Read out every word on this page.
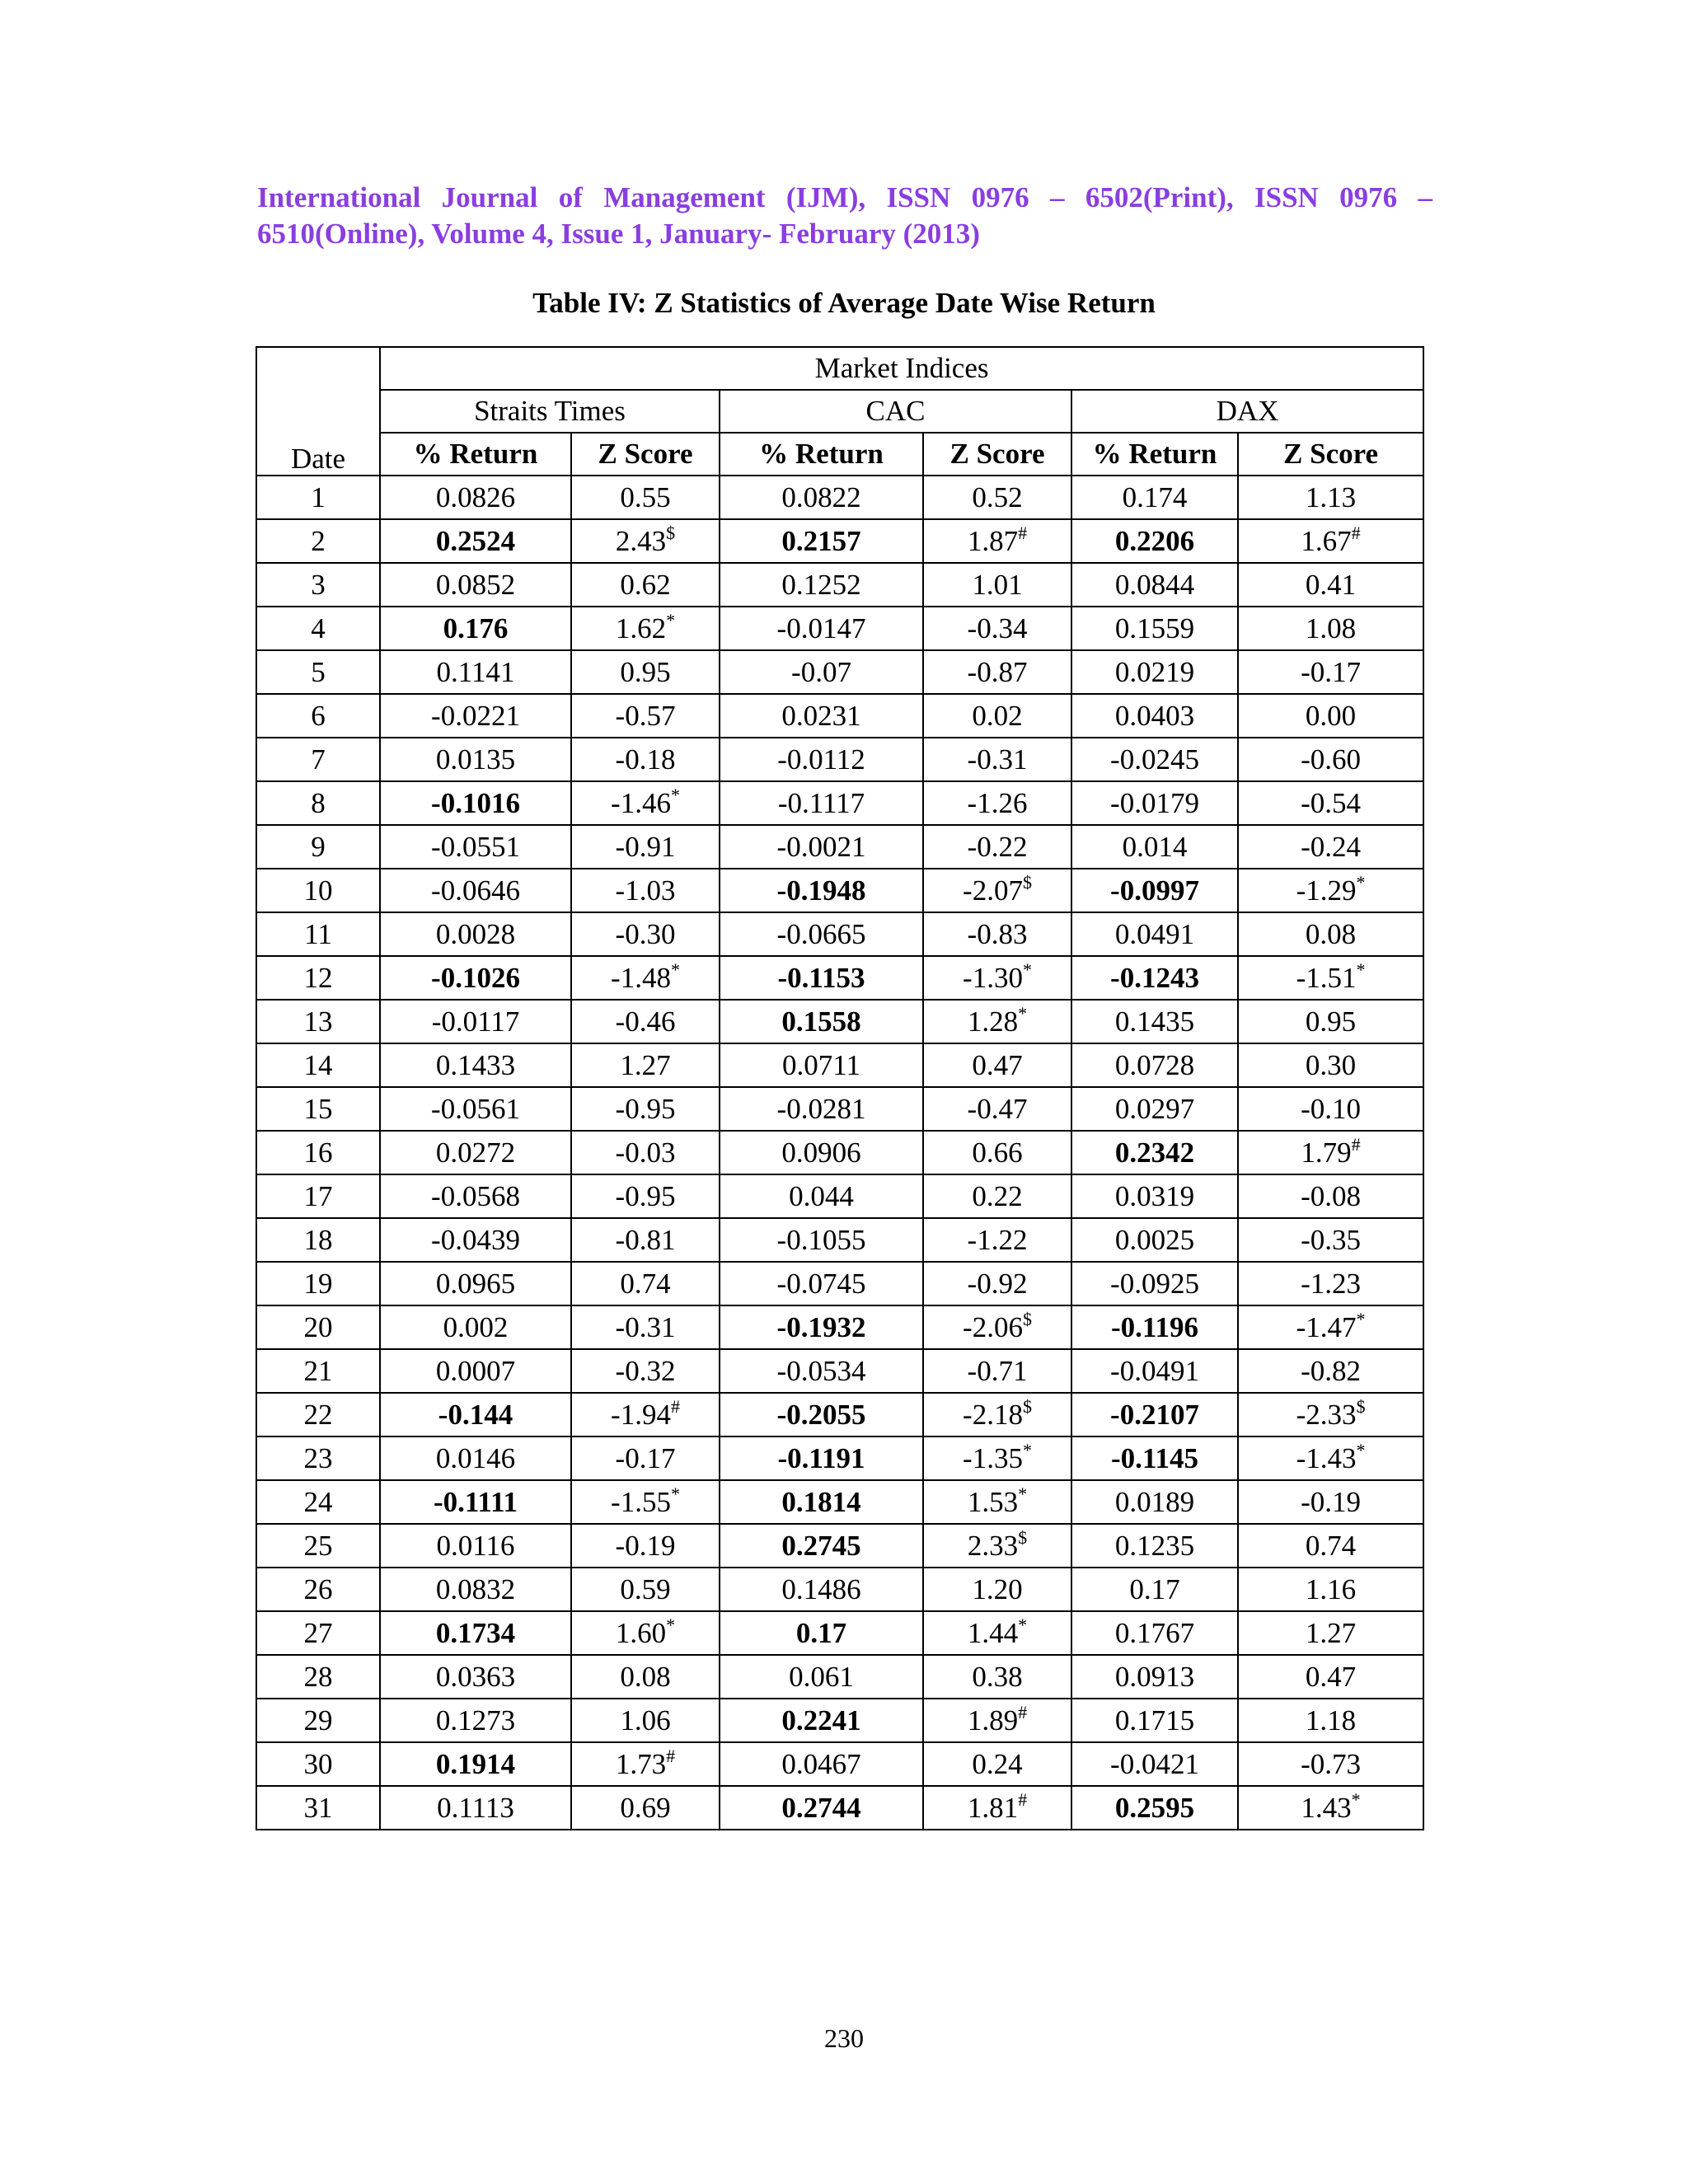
International Journal of Management (IJM), ISSN 0976 – 6502(Print), ISSN 0976 –
6510(Online), Volume 4, Issue 1, January- February (2013)
Table IV: Z Statistics of Average Date Wise Return
Date	Market Indices					
	Straits Times		CAC		DAX	
	% Return	Z Score	% Return	Z Score	% Return	Z Score
1	0.0826	0.55	0.0822	0.52	0.174	1.13
2	0.2524	2.43$	0.2157	1.87#	0.2206	1.67#
3	0.0852	0.62	0.1252	1.01	0.0844	0.41
4	0.176	1.62*	-0.0147	-0.34	0.1559	1.08
5	0.1141	0.95	-0.07	-0.87	0.0219	-0.17
6	-0.0221	-0.57	0.0231	0.02	0.0403	0.00
7	0.0135	-0.18	-0.0112	-0.31	-0.0245	-0.60
8	-0.1016	-1.46*	-0.1117	-1.26	-0.0179	-0.54
9	-0.0551	-0.91	-0.0021	-0.22	0.014	-0.24
10	-0.0646	-1.03	-0.1948	-2.07$	-0.0997	-1.29*
11	0.0028	-0.30	-0.0665	-0.83	0.0491	0.08
12	-0.1026	-1.48*	-0.1153	-1.30*	-0.1243	-1.51*
13	-0.0117	-0.46	0.1558	1.28*	0.1435	0.95
14	0.1433	1.27	0.0711	0.47	0.0728	0.30
15	-0.0561	-0.95	-0.0281	-0.47	0.0297	-0.10
16	0.0272	-0.03	0.0906	0.66	0.2342	1.79#
17	-0.0568	-0.95	0.044	0.22	0.0319	-0.08
18	-0.0439	-0.81	-0.1055	-1.22	0.0025	-0.35
19	0.0965	0.74	-0.0745	-0.92	-0.0925	-1.23
20	0.002	-0.31	-0.1932	-2.06$	-0.1196	-1.47*
21	0.0007	-0.32	-0.0534	-0.71	-0.0491	-0.82
22	-0.144	-1.94#	-0.2055	-2.18$	-0.2107	-2.33$
23	0.0146	-0.17	-0.1191	-1.35*	-0.1145	-1.43*
24	-0.1111	-1.55*	0.1814	1.53*	0.0189	-0.19
25	0.0116	-0.19	0.2745	2.33$	0.1235	0.74
26	0.0832	0.59	0.1486	1.20	0.17	1.16
27	0.1734	1.60*	0.17	1.44*	0.1767	1.27
28	0.0363	0.08	0.061	0.38	0.0913	0.47
29	0.1273	1.06	0.2241	1.89#	0.1715	1.18
30	0.1914	1.73#	0.0467	0.24	-0.0421	-0.73
31	0.1113	0.69	0.2744	1.81#	0.2595	1.43*
230
